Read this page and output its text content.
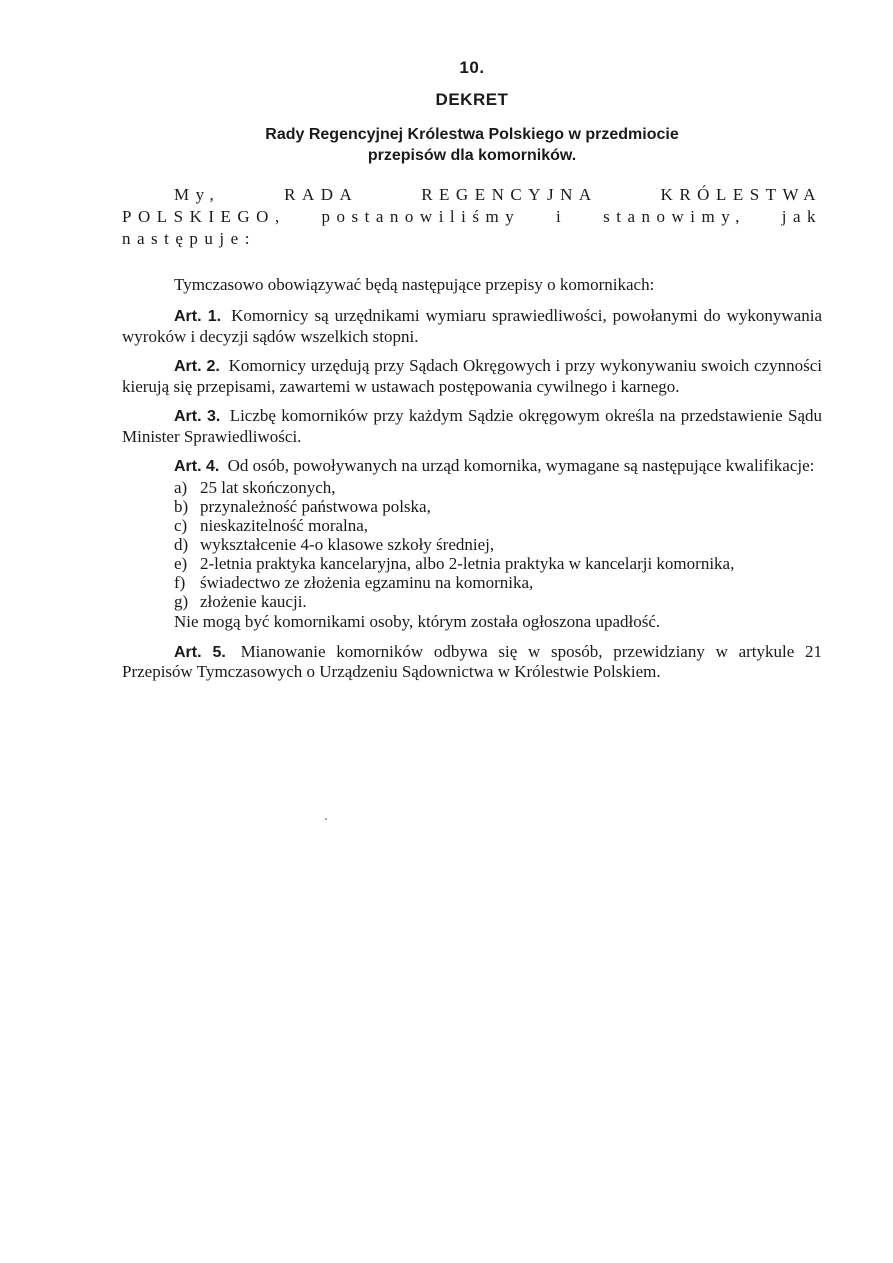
10.
DEKRET
Rady Regencyjnej Królestwa Polskiego w przedmiocie
przepisów dla komorników.

My, RADA REGENCYJNA KRÓLESTWA POLSKIEGO, postanowiliśmy i stanowimy, jak następuje:

Tymczasowo obowiązywać będą następujące przepisy o komornikach:

Art. 1. Komornicy są urzędnikami wymiaru sprawiedliwości, powołanymi do wykonywania wyroków i decyzji sądów wszelkich stopni.

Art. 2. Komornicy urzędują przy Sądach Okręgowych i przy wykonywaniu swoich czynności kierują się przepisami, zawartemi w ustawach postępowania cywilnego i karnego.

Art. 3. Liczbę komorników przy każdym Sądzie okręgowym określa na przedstawienie Sądu Minister Sprawiedliwości.

Art. 4. Od osób, powoływanych na urząd komornika, wymagane są następujące kwalifikacje:

a) 25 lat skończonych,
b) przynależność państwowa polska,
c) nieskazitelność moralna,
d) wykształcenie 4-o klasowe szkoły średniej,
e) 2-letnia praktyka kancelaryjna, albo 2-letnia praktyka w kancelarji komornika,
f) świadectwo ze złożenia egzaminu na komornika,
g) złożenie kaucji.

Nie mogą być komornikami osoby, którym została ogłoszona upadłość.

Art. 5. Mianowanie komorników odbywa się w sposób, przewidziany w artykule 21 Przepisów Tymczasowych o Urządzeniu Sądownictwa w Królestwie Polskiem.
